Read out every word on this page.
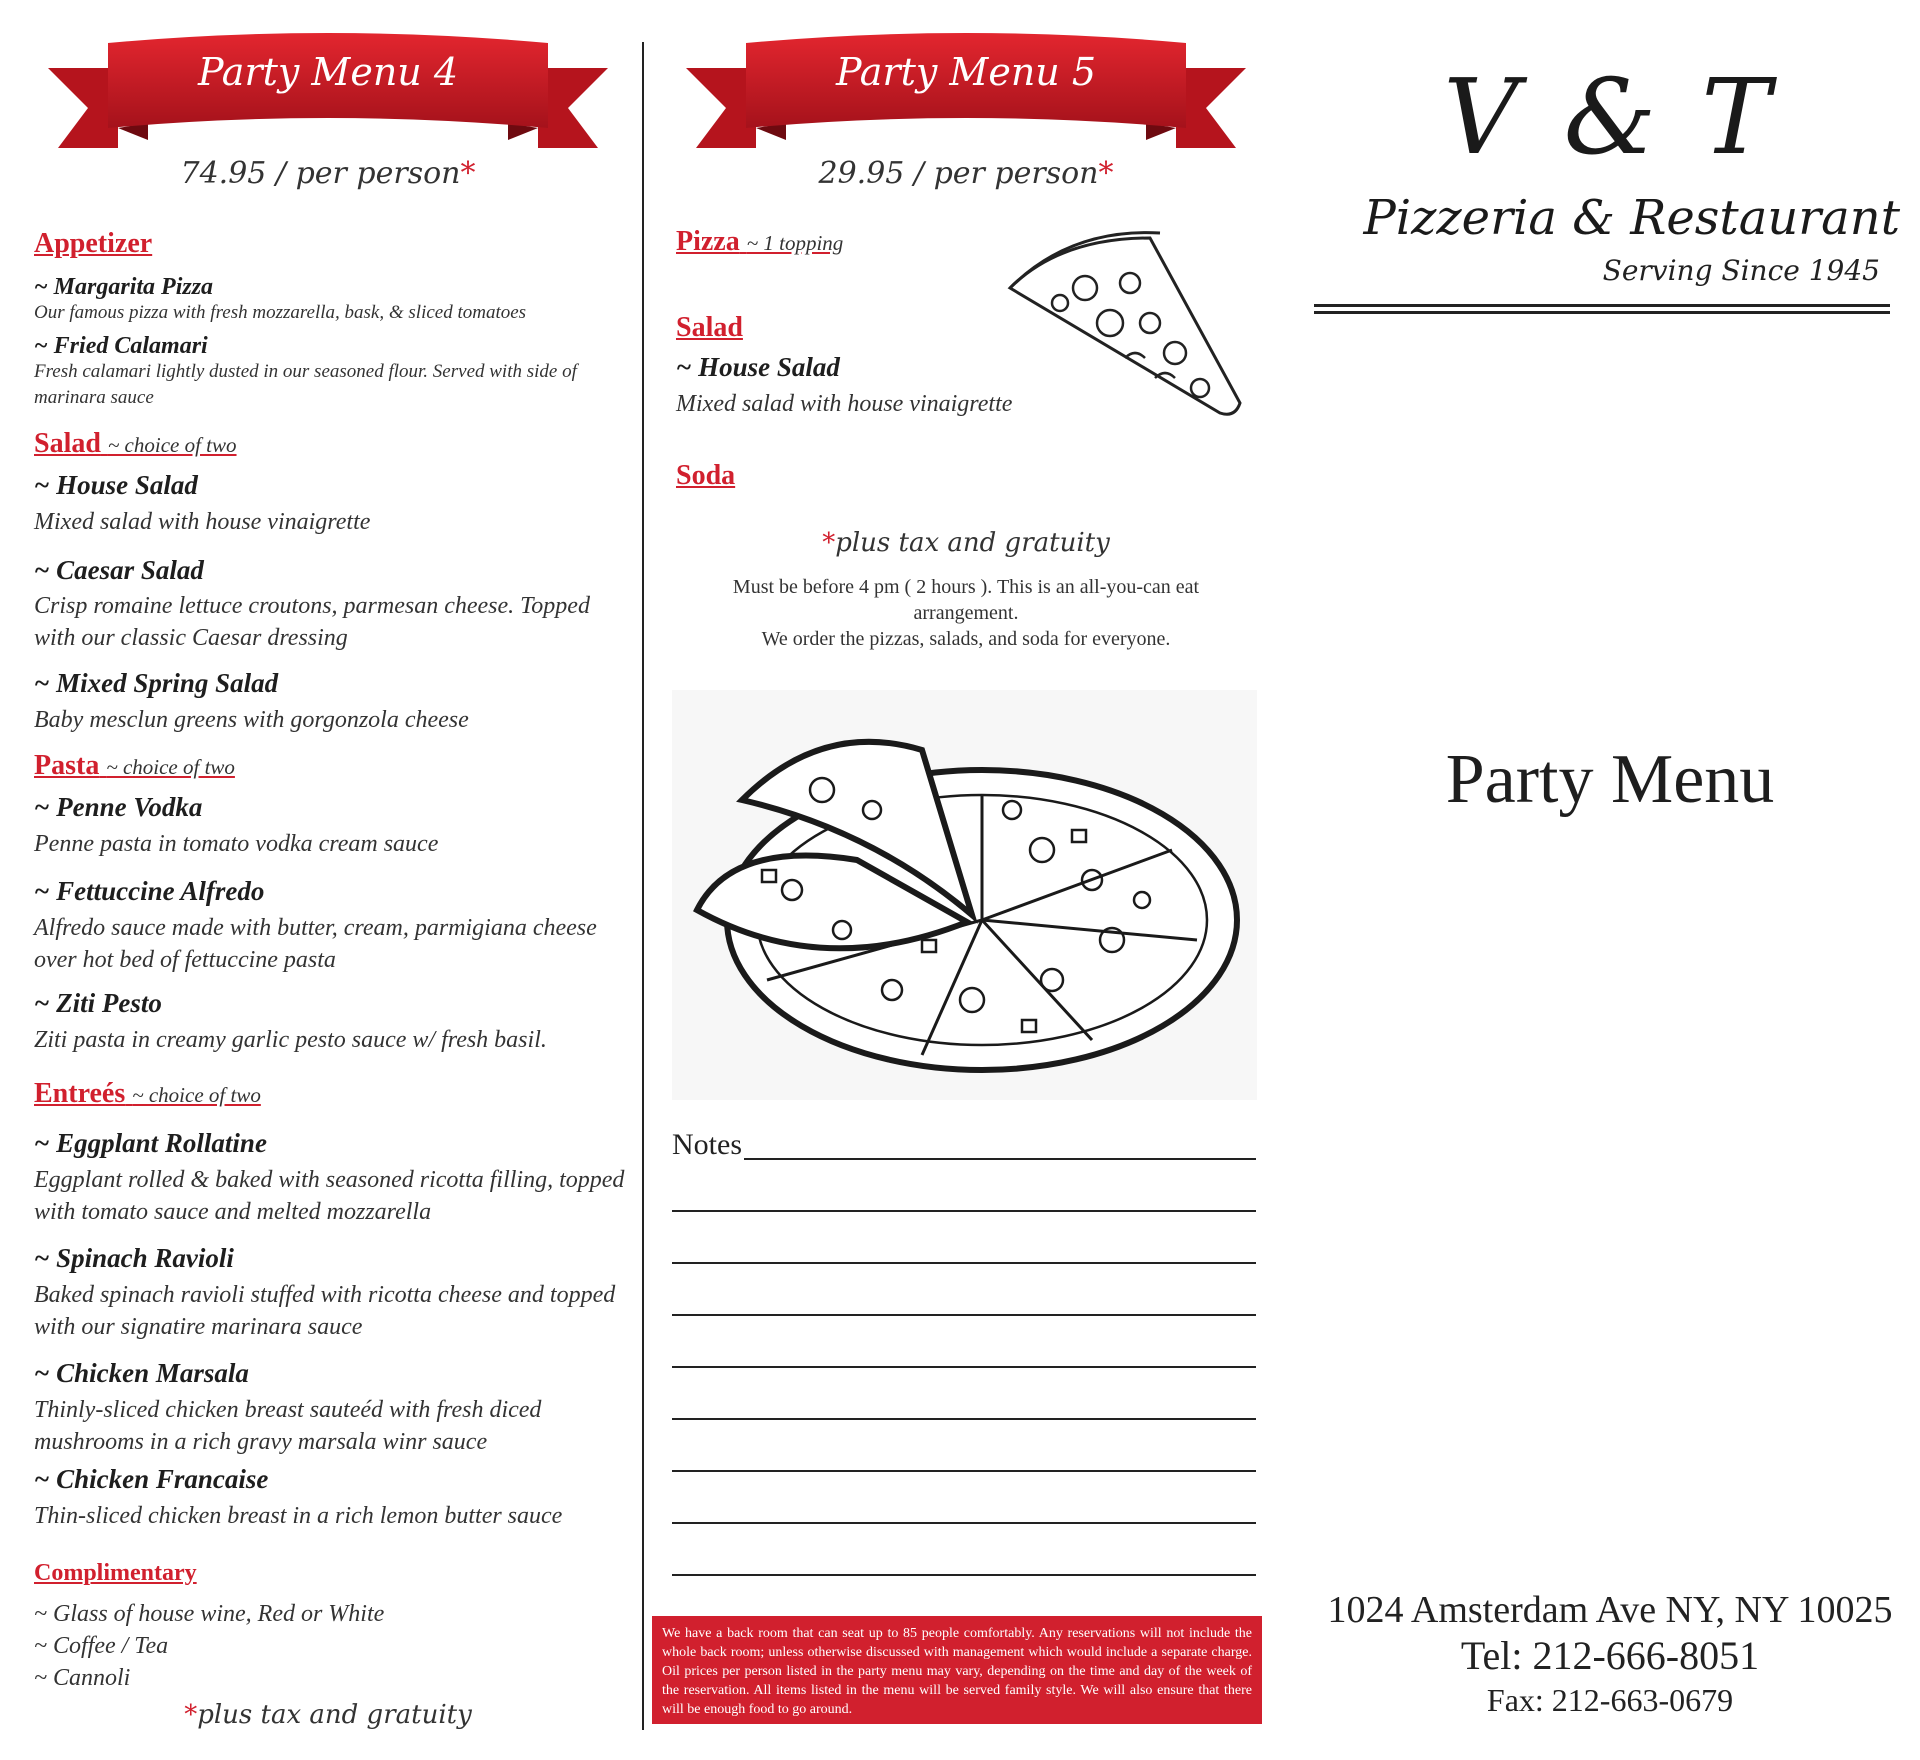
Party Menu 4
74.95 / per person*
Appetizer
~ Margarita Pizza
Our famous pizza with fresh mozzarella, bask, & sliced tomatoes
~ Fried Calamari
Fresh calamari lightly dusted in our seasoned flour. Served with side of marinara sauce
Salad ~ choice of two
~ House Salad
Mixed salad with house vinaigrette
~ Caesar Salad
Crisp romaine lettuce croutons, parmesan cheese. Topped with our classic Caesar dressing
~ Mixed Spring Salad
Baby mesclun greens with gorgonzola cheese
Pasta ~ choice of two
~ Penne Vodka
Penne pasta in tomato vodka cream sauce
~ Fettuccine Alfredo
Alfredo sauce made with butter, cream, parmigiana cheese over hot bed of fettuccine pasta
~ Ziti Pesto
Ziti pasta in creamy garlic pesto sauce w/ fresh basil.
Entreés ~ choice of two
~ Eggplant Rollatine
Eggplant rolled & baked with seasoned ricotta filling, topped with tomato sauce and melted mozzarella
~ Spinach Ravioli
Baked spinach ravioli stuffed with ricotta cheese and topped with our signatire marinara sauce
~ Chicken Marsala
Thinly-sliced chicken breast sauteéd with fresh diced mushrooms in a rich gravy marsala winr sauce
~ Chicken Francaise
Thin-sliced chicken breast in a rich lemon butter sauce
Complimentary
~ Glass of house wine, Red or White
~ Coffee / Tea
~ Cannoli
*plus tax and gratuity
Party Menu 5
29.95 / per person*
Pizza ~ 1 topping
Salad
~ House Salad
Mixed salad with house vinaigrette
Soda
*plus tax and gratuity
Must be before 4 pm ( 2 hours ). This is an all-you-can eat arrangement.
We order the pizzas, salads, and soda for everyone.
Notes
We have a back room that can seat up to 85 people comfortably. Any reservations will not include the whole back room; unless otherwise discussed with management which would include a separate charge. Oil prices per person listed in the party menu may vary, depending on the time and day of the week of the reservation. All items listed in the menu will be served family style. We will also ensure that there will be enough food to go around.
V & T
Pizzeria & Restaurant
Serving Since 1945
Party Menu
1024 Amsterdam Ave NY, NY 10025
Tel: 212-666-8051
Fax: 212-663-0679
